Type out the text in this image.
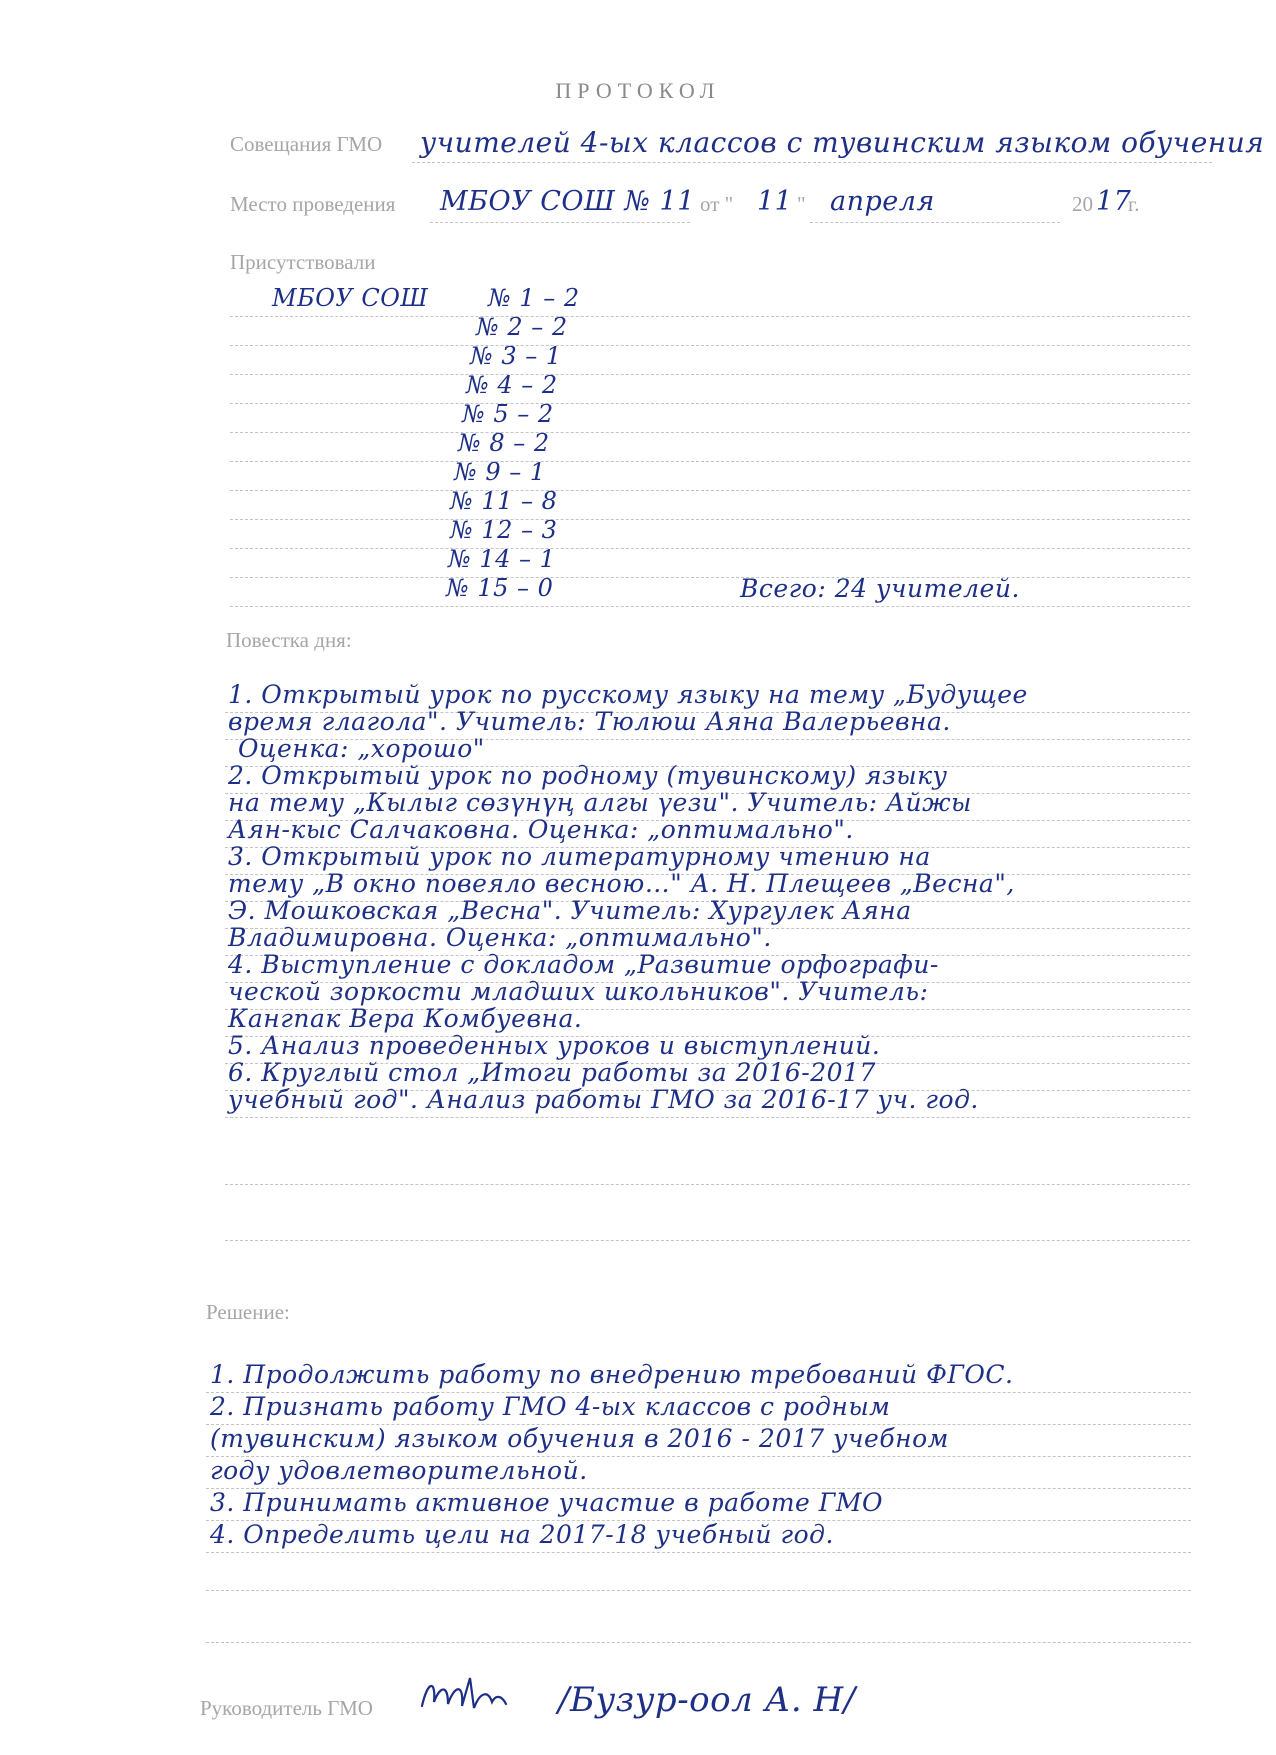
ПРОТОКОЛ
Совещания ГМО учителей 4-ых классов с тувинским языком обучения
Место проведения МБОУ СОШ № 11 от " 11 " апреля	20 17
г.
Присутствовали
МБОУ СОШ № 1 – 2
№ 2 – 2
№ 3 – 1
№ 4 – 2
№ 5 – 2
№ 8 – 2
№ 9 – 1
№ 11 – 8
№ 12 – 3
№ 14 – 1
№ 15 – 0	Всего: 24 учителей.
Повестка дня:
1. Открытый урок по русскому языку на тему „Будущее
время глагола". Учитель: Тюлюш Аяна Валерьевна.
Оценка: „хорошо"
2. Открытый урок по родному (тувинскому) языку
на тему „Кылыг сөзүнүң алгы үези". Учитель: Айжы
Аян-кыс Салчаковна. Оценка: „оптимально".
3. Открытый урок по литературному чтению на
тему „В окно повеяло весною…" А. Н. Плещеев „Весна",
Э. Мошковская „Весна". Учитель: Хургулек Аяна
Владимировна. Оценка: „оптимально".
4. Выступление с докладом „Развитие орфографи-
ческой зоркости младших школьников". Учитель:
Кангпак Вера Комбуевна.
5. Анализ проведенных уроков и выступлений.
6. Круглый стол „Итоги работы за 2016-2017
учебный год". Анализ работы ГМО за 2016-17 уч. год.
Решение:
1. Продолжить работу по внедрению требований ФГОС.
2. Признать работу ГМО 4-ых классов с родным
(тувинским) языком обучения в 2016 - 2017 учебном
году удовлетворительной.
3. Принимать активное участие в работе ГМО
4. Определить цели на 2017-18 учебный год.
Руководитель ГМО	/Бузур-оол А. Н/
